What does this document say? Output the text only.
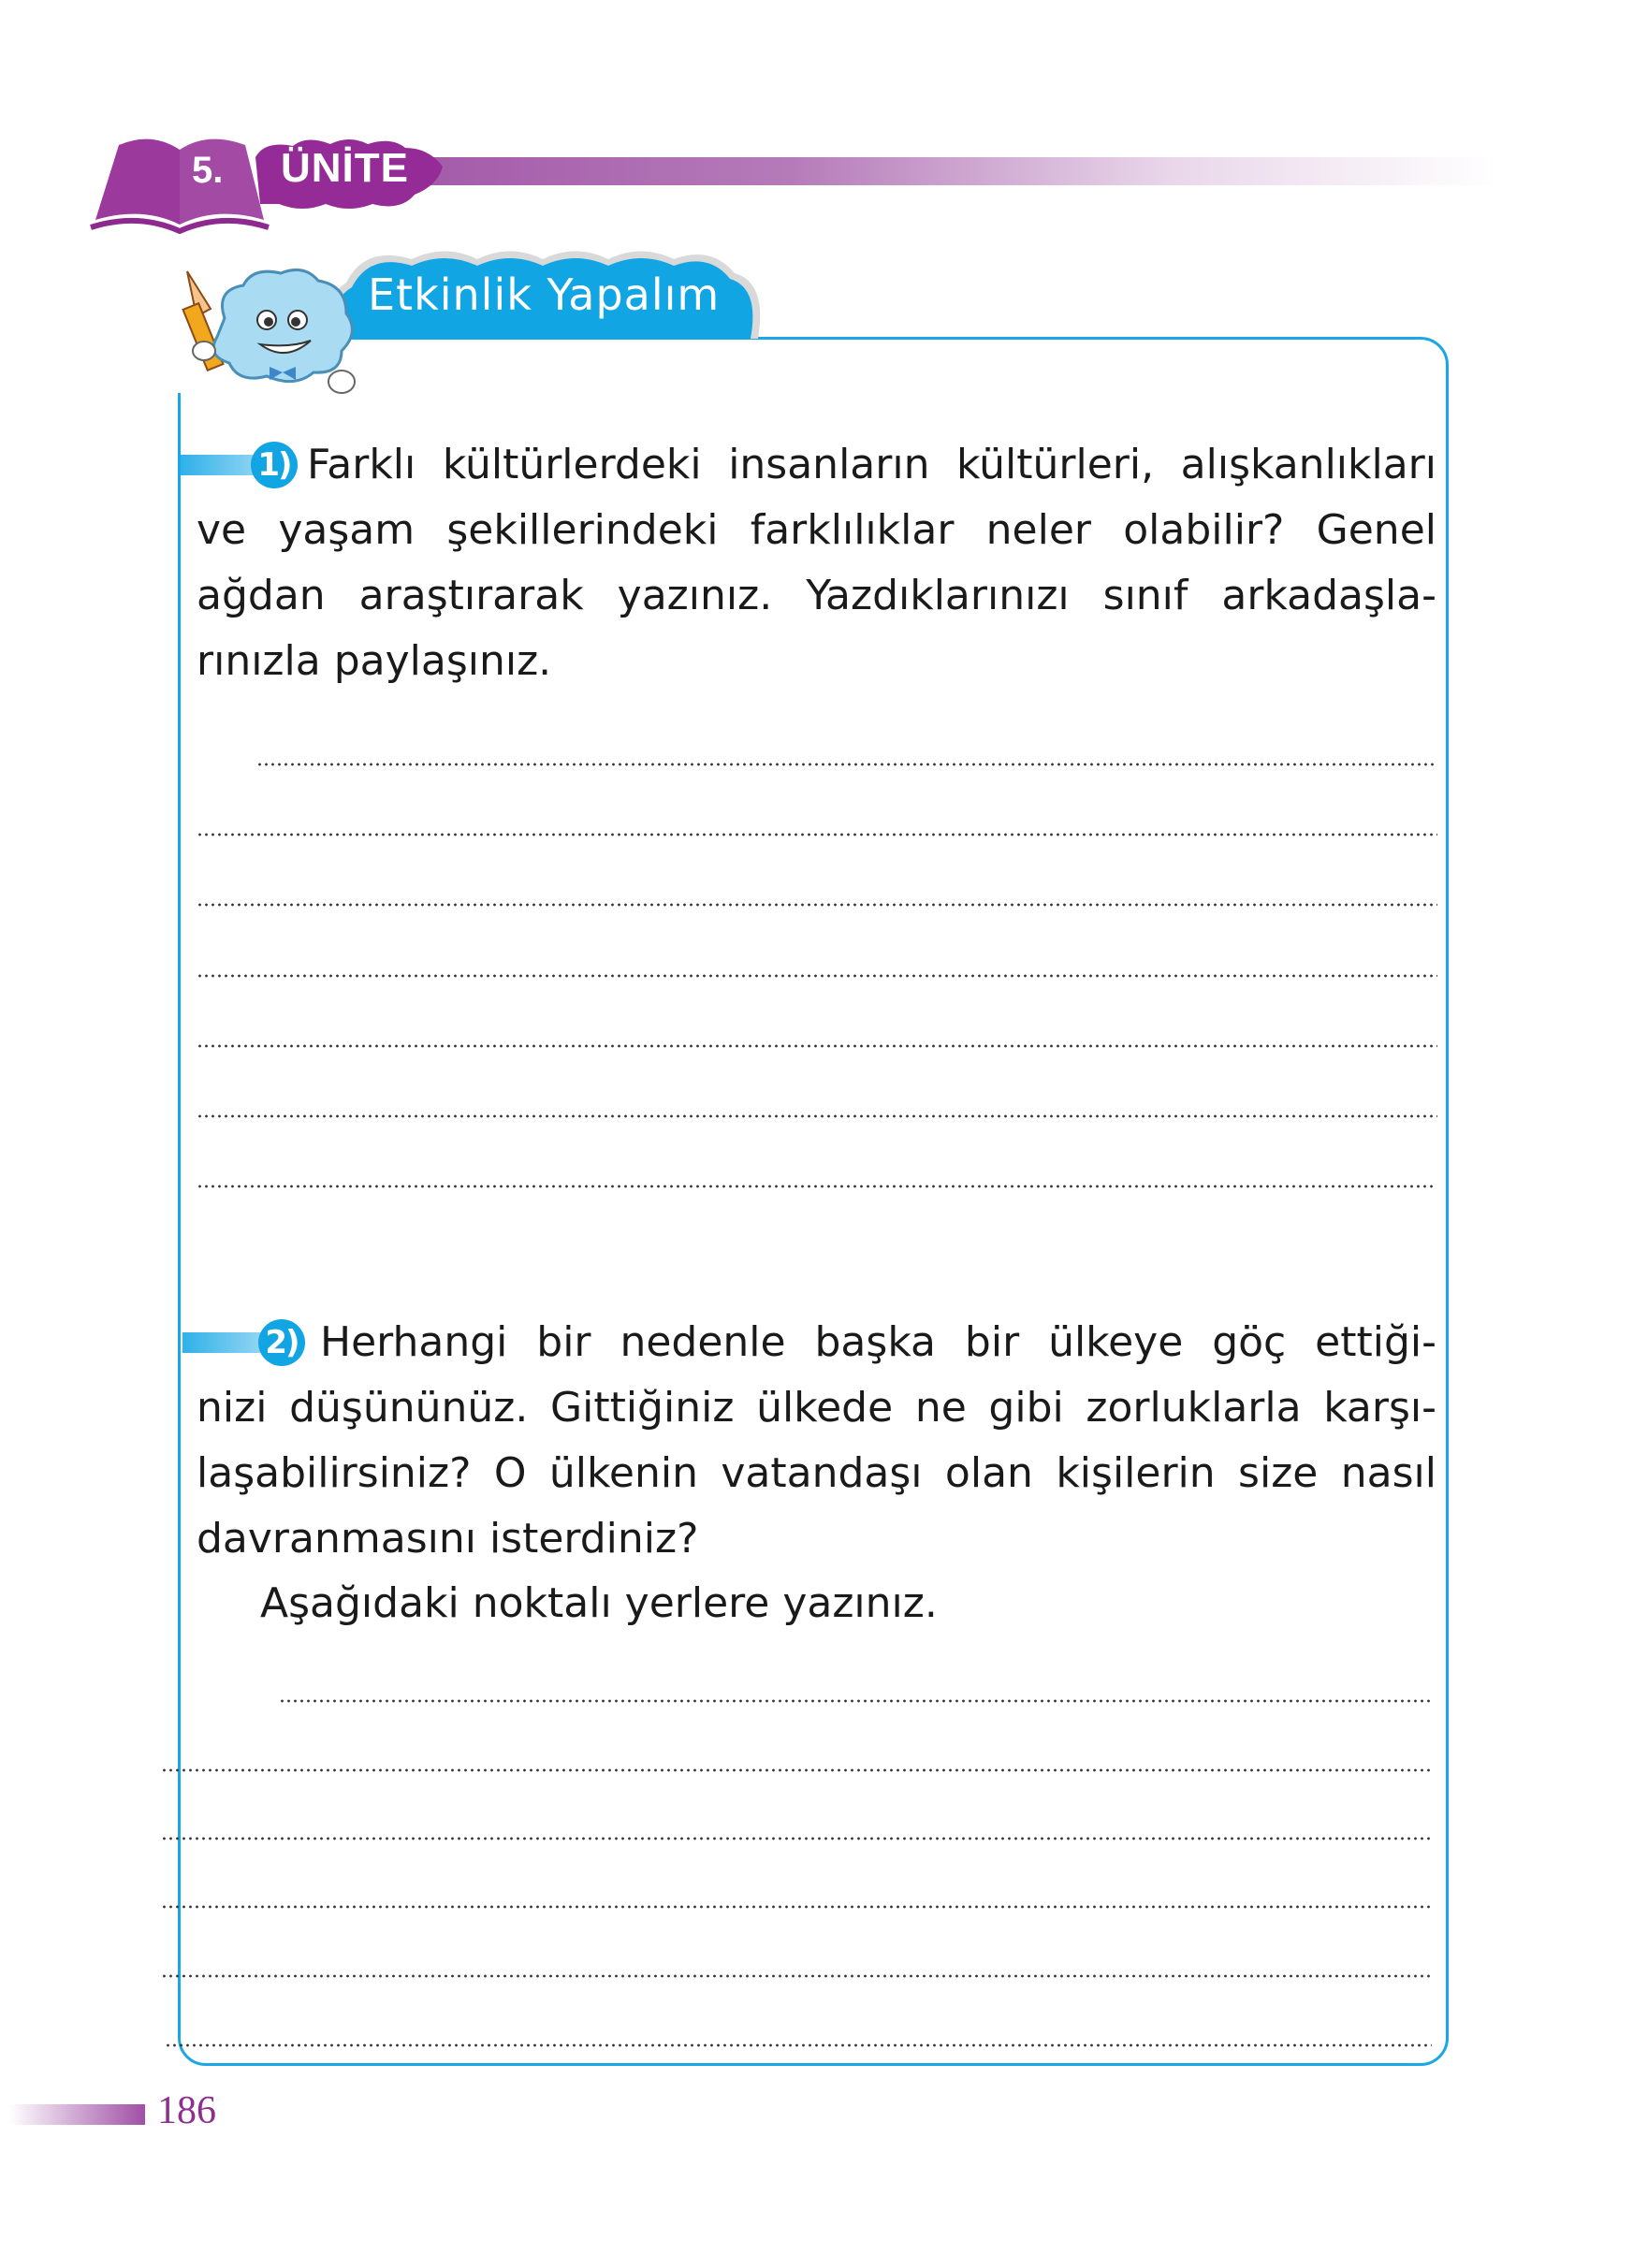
5. ÜNİTE
Etkinlik Yapalım
1) Farklı kültürlerdeki insanların kültürleri, alışkanlıkları
ve yaşam şekillerindeki farklılıklar neler olabilir? Genel
ağdan araştırarak yazınız. Yazdıklarınızı sınıf arkadaşla-
rınızla paylaşınız.
2) Herhangi bir nedenle başka bir ülkeye göç ettiği-
nizi düşününüz. Gittiğiniz ülkede ne gibi zorluklarla karşı-
laşabilirsiniz? O ülkenin vatandaşı olan kişilerin size nasıl
davranmasını isterdiniz?
Aşağıdaki noktalı yerlere yazınız.
186
